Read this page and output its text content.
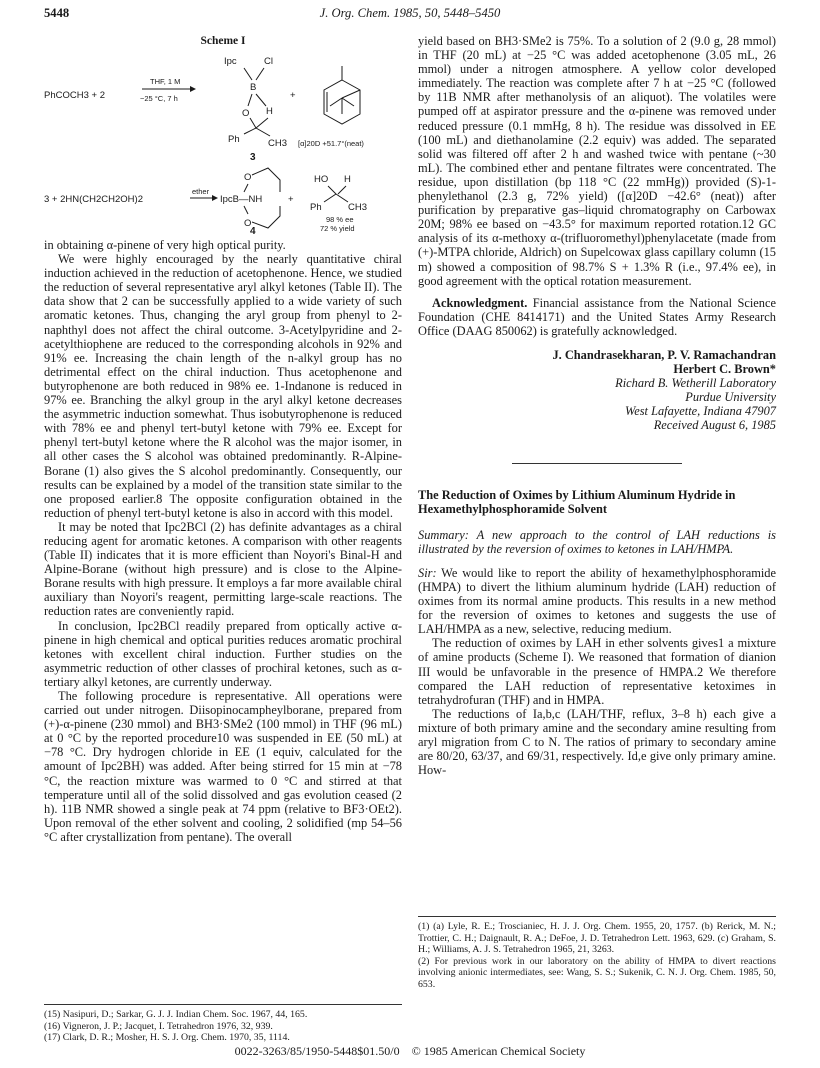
5448	J. Org. Chem. 1985, 50, 5448–5450
Scheme I
PhCOCH3 + 2
THF, 1 M
−25 °C, 7 h
Ipc	Cl
B
O H
Ph	CH3
3
+
[α]20D +51.7°(neat)
3 + 2HN(CH2CH2OH)2
ether
O
O
IpcB—NH	+
HO H
Ph	CH3
98 % ee
72 % yield
4

in obtaining α-pinene of very high optical purity.

We were highly encouraged by the nearly quantitative chiral induction achieved in the reduction of acetophenone. Hence, we studied the reduction of several representative aryl alkyl ketones (Table II). The data show that 2 can be successfully applied to a wide variety of such aromatic ketones. Thus, changing the aryl group from phenyl to 2-naphthyl does not affect the chiral outcome. 3-Acetylpyridine and 2-acetylthiophene are reduced to the corresponding alcohols in 92% and 91% ee. Increasing the chain length of the n-alkyl group has no detrimental effect on the chiral induction. Thus acetophenone and butyrophenone are both reduced in 98% ee. 1-Indanone is reduced in 97% ee. Branching the alkyl group in the aryl alkyl ketone decreases the asymmetric induction somewhat. Thus isobutyrophenone is reduced with 78% ee and phenyl tert-butyl ketone with 79% ee. Except for phenyl tert-butyl ketone where the R alcohol was the major isomer, in all other cases the S alcohol was obtained predominantly. R-Alpine-Borane (1) also gives the S alcohol predominantly. Consequently, our results can be explained by a model of the transition state similar to the one proposed earlier.8 The opposite configuration obtained in the reduction of phenyl tert-butyl ketone is also in accord with this model.

It may be noted that Ipc2BCl (2) has definite advantages as a chiral reducing agent for aromatic ketones. A comparison with other reagents (Table II) indicates that it is more efficient than Noyori's Binal-H and Alpine-Borane (without high pressure) and is close to the Alpine-Borane results with high pressure. It employs a far more available chiral auxiliary than Noyori's reagent, permitting large-scale reactions. The reduction rates are conveniently rapid.

In conclusion, Ipc2BCl readily prepared from optically active α-pinene in high chemical and optical purities reduces aromatic prochiral ketones with excellent chiral induction. Further studies on the asymmetric reduction of other classes of prochiral ketones, such as α-tertiary alkyl ketones, are currently underway.

The following procedure is representative. All operations were carried out under nitrogen. Diisopinocampheylborane, prepared from (+)-α-pinene (230 mmol) and BH3·SMe2 (100 mmol) in THF (96 mL) at 0 °C by the reported procedure10 was suspended in EE (50 mL) at −78 °C. Dry hydrogen chloride in EE (1 equiv, calculated for the amount of Ipc2BH) was added. After being stirred for 15 min at −78 °C, the reaction mixture was warmed to 0 °C and stirred at that temperature until all of the solid dissolved and gas evolution ceased (2 h). 11B NMR showed a single peak at 74 ppm (relative to BF3·OEt2). Upon removal of the ether solvent and cooling, 2 solidified (mp 54–56 °C after crystallization from pentane). The overall

(15) Nasipuri, D.; Sarkar, G. J. J. Indian Chem. Soc. 1967, 44, 165.
(16) Vigneron, J. P.; Jacquet, I. Tetrahedron 1976, 32, 939.
(17) Clark, D. R.; Mosher, H. S. J. Org. Chem. 1970, 35, 1114.

yield based on BH3·SMe2 is 75%. To a solution of 2 (9.0 g, 28 mmol) in THF (20 mL) at −25 °C was added acetophenone (3.05 mL, 26 mmol) under a nitrogen atmosphere. A yellow color developed immediately. The reaction was complete after 7 h at −25 °C (followed by 11B NMR after methanolysis of an aliquot). The volatiles were pumped off at aspirator pressure and the α-pinene was removed under reduced pressure (0.1 mmHg, 8 h). The residue was dissolved in EE (100 mL) and diethanolamine (2.2 equiv) was added. The separated solid was filtered off after 2 h and washed twice with pentane (~30 mL). The combined ether and pentane filtrates were concentrated. The residue, upon distillation (bp 118 °C (22 mmHg)) provided (S)-1-phenylethanol (2.3 g, 72% yield) ([α]20D −42.6° (neat)) after purification by preparative gas–liquid chromatography on Carbowax 20M; 98% ee based on −43.5° for maximum reported rotation.12 GC analysis of its α-methoxy α-(trifluoromethyl)phenylacetate (made from (+)-MTPA chloride, Aldrich) on Supelcowax glass capillary column (15 m) showed a composition of 98.7% S + 1.3% R (i.e., 97.4% ee), in good agreement with the optical rotation measurement.

Acknowledgment. Financial assistance from the National Science Foundation (CHE 8414171) and the United States Army Research Office (DAAG 850062) is gratefully acknowledged.

J. Chandrasekharan, P. V. Ramachandran
Herbert C. Brown*
Richard B. Wetherill Laboratory
Purdue University
West Lafayette, Indiana 47907
Received August 6, 1985
The Reduction of Oximes by Lithium Aluminum Hydride in Hexamethylphosphoramide Solvent

Summary: A new approach to the control of LAH reductions is illustrated by the reversion of oximes to ketones in LAH/HMPA.

Sir: We would like to report the ability of hexamethylphosphoramide (HMPA) to divert the lithium aluminum hydride (LAH) reduction of oximes from its normal amine products. This results in a new method for the reversion of oximes to ketones and suggests the use of LAH/HMPA as a new, selective, reducing medium.

The reduction of oximes by LAH in ether solvents gives1 a mixture of amine products (Scheme I). We reasoned that formation of dianion III would be unfavorable in the presence of HMPA.2 We therefore compared the LAH reduction of representative ketoximes in tetrahydrofuran (THF) and in HMPA.

The reductions of Ia,b,c (LAH/THF, reflux, 3–8 h) each give a mixture of both primary amine and the secondary amine resulting from aryl migration from C to N. The ratios of primary to secondary amine are 80/20, 63/37, and 69/31, respectively. Id,e give only primary amine. How-

(1) (a) Lyle, R. E.; Troscianiec, H. J. J. Org. Chem. 1955, 20, 1757. (b) Rerick, M. N.; Trottier, C. H.; Daignault, R. A.; DeFoe, J. D. Tetrahedron Lett. 1963, 629. (c) Graham, S. H.; Williams, A. J. S. Tetrahedron 1965, 21, 3263.
(2) For previous work in our laboratory on the ability of HMPA to divert reactions involving anionic intermediates, see: Wang, S. S.; Sukenik, C. N. J. Org. Chem. 1985, 50, 653.
0022-3263/85/1950-5448$01.50/0 © 1985 American Chemical Society
